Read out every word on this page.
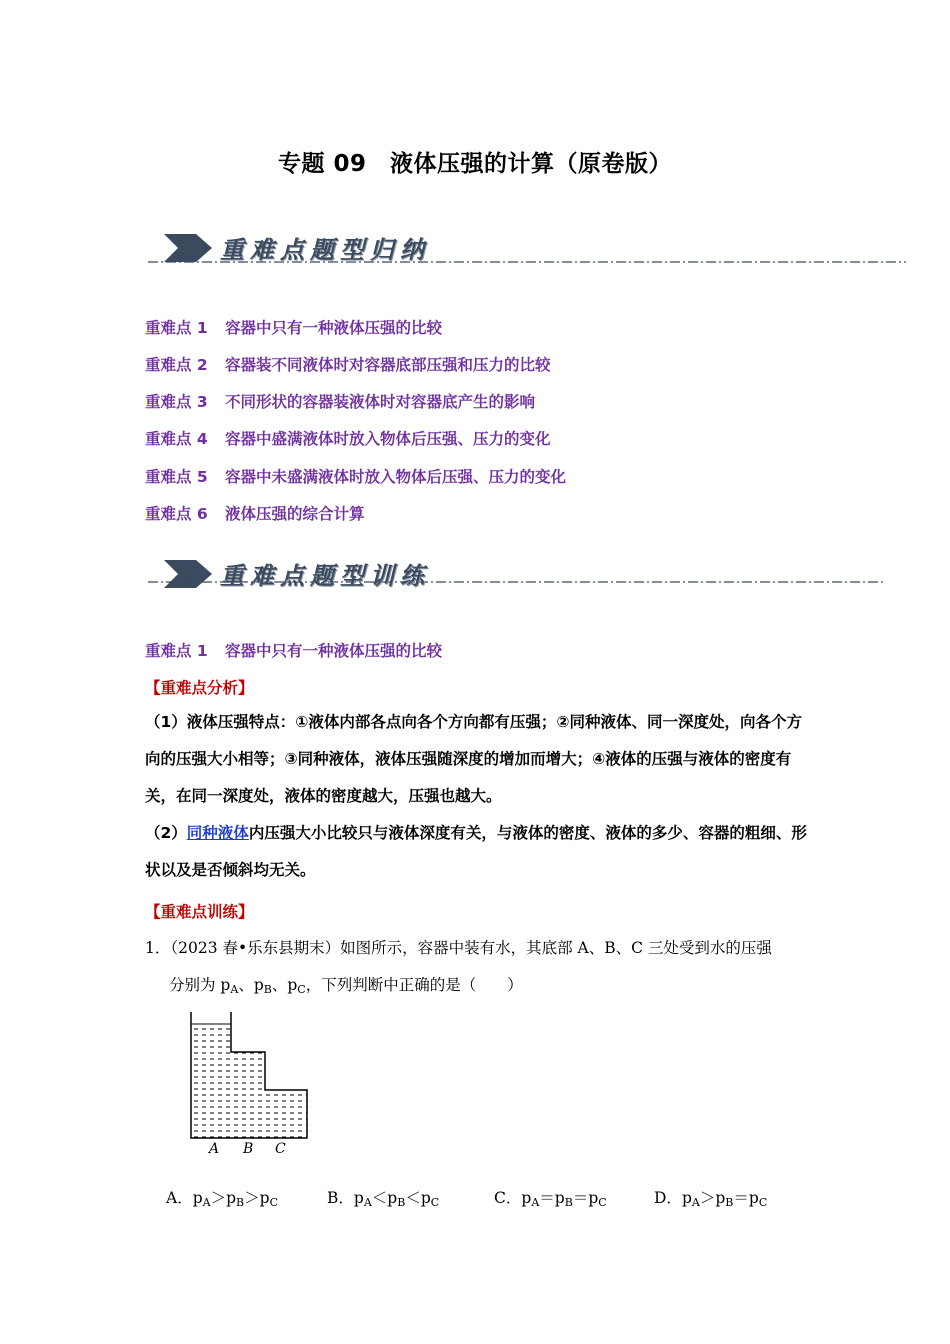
专题 09　液体压强的计算（原卷版）
重难点题型归纳
重难点 1 容器中只有一种液体压强的比较
重难点 2 容器装不同液体时对容器底部压强和压力的比较
重难点 3 不同形状的容器装液体时对容器底产生的影响
重难点 4 容器中盛满液体时放入物体后压强、压力的变化
重难点 5 容器中未盛满液体时放入物体后压强、压力的变化
重难点 6 液体压强的综合计算
重难点题型训练
重难点 1 容器中只有一种液体压强的比较
【重难点分析】
（1）液体压强特点：①液体内部各点向各个方向都有压强；②同种液体、同一深度处，向各个方向的压强大小相等；③同种液体，液体压强随深度的增加而增大；④液体的压强与液体的密度有关，在同一深度处，液体的密度越大，压强也越大。
（2）同种液体内压强大小比较只与液体深度有关，与液体的密度、液体的多少、容器的粗细、形状以及是否倾斜均无关。
【重难点训练】
1．（2023 春•乐东县期末）如图所示，容器中装有水，其底部 A、B、C 三处受到水的压强
分别为 $p_A$、$p_B$、$p_C$，下列判断中正确的是（　　）
A B C
A．$p_A>p_B>p_C$	B．$p_A<p_B<p_C$	C．$p_A=p_B=p_C$	D．$p_A>p_B=p_C$
